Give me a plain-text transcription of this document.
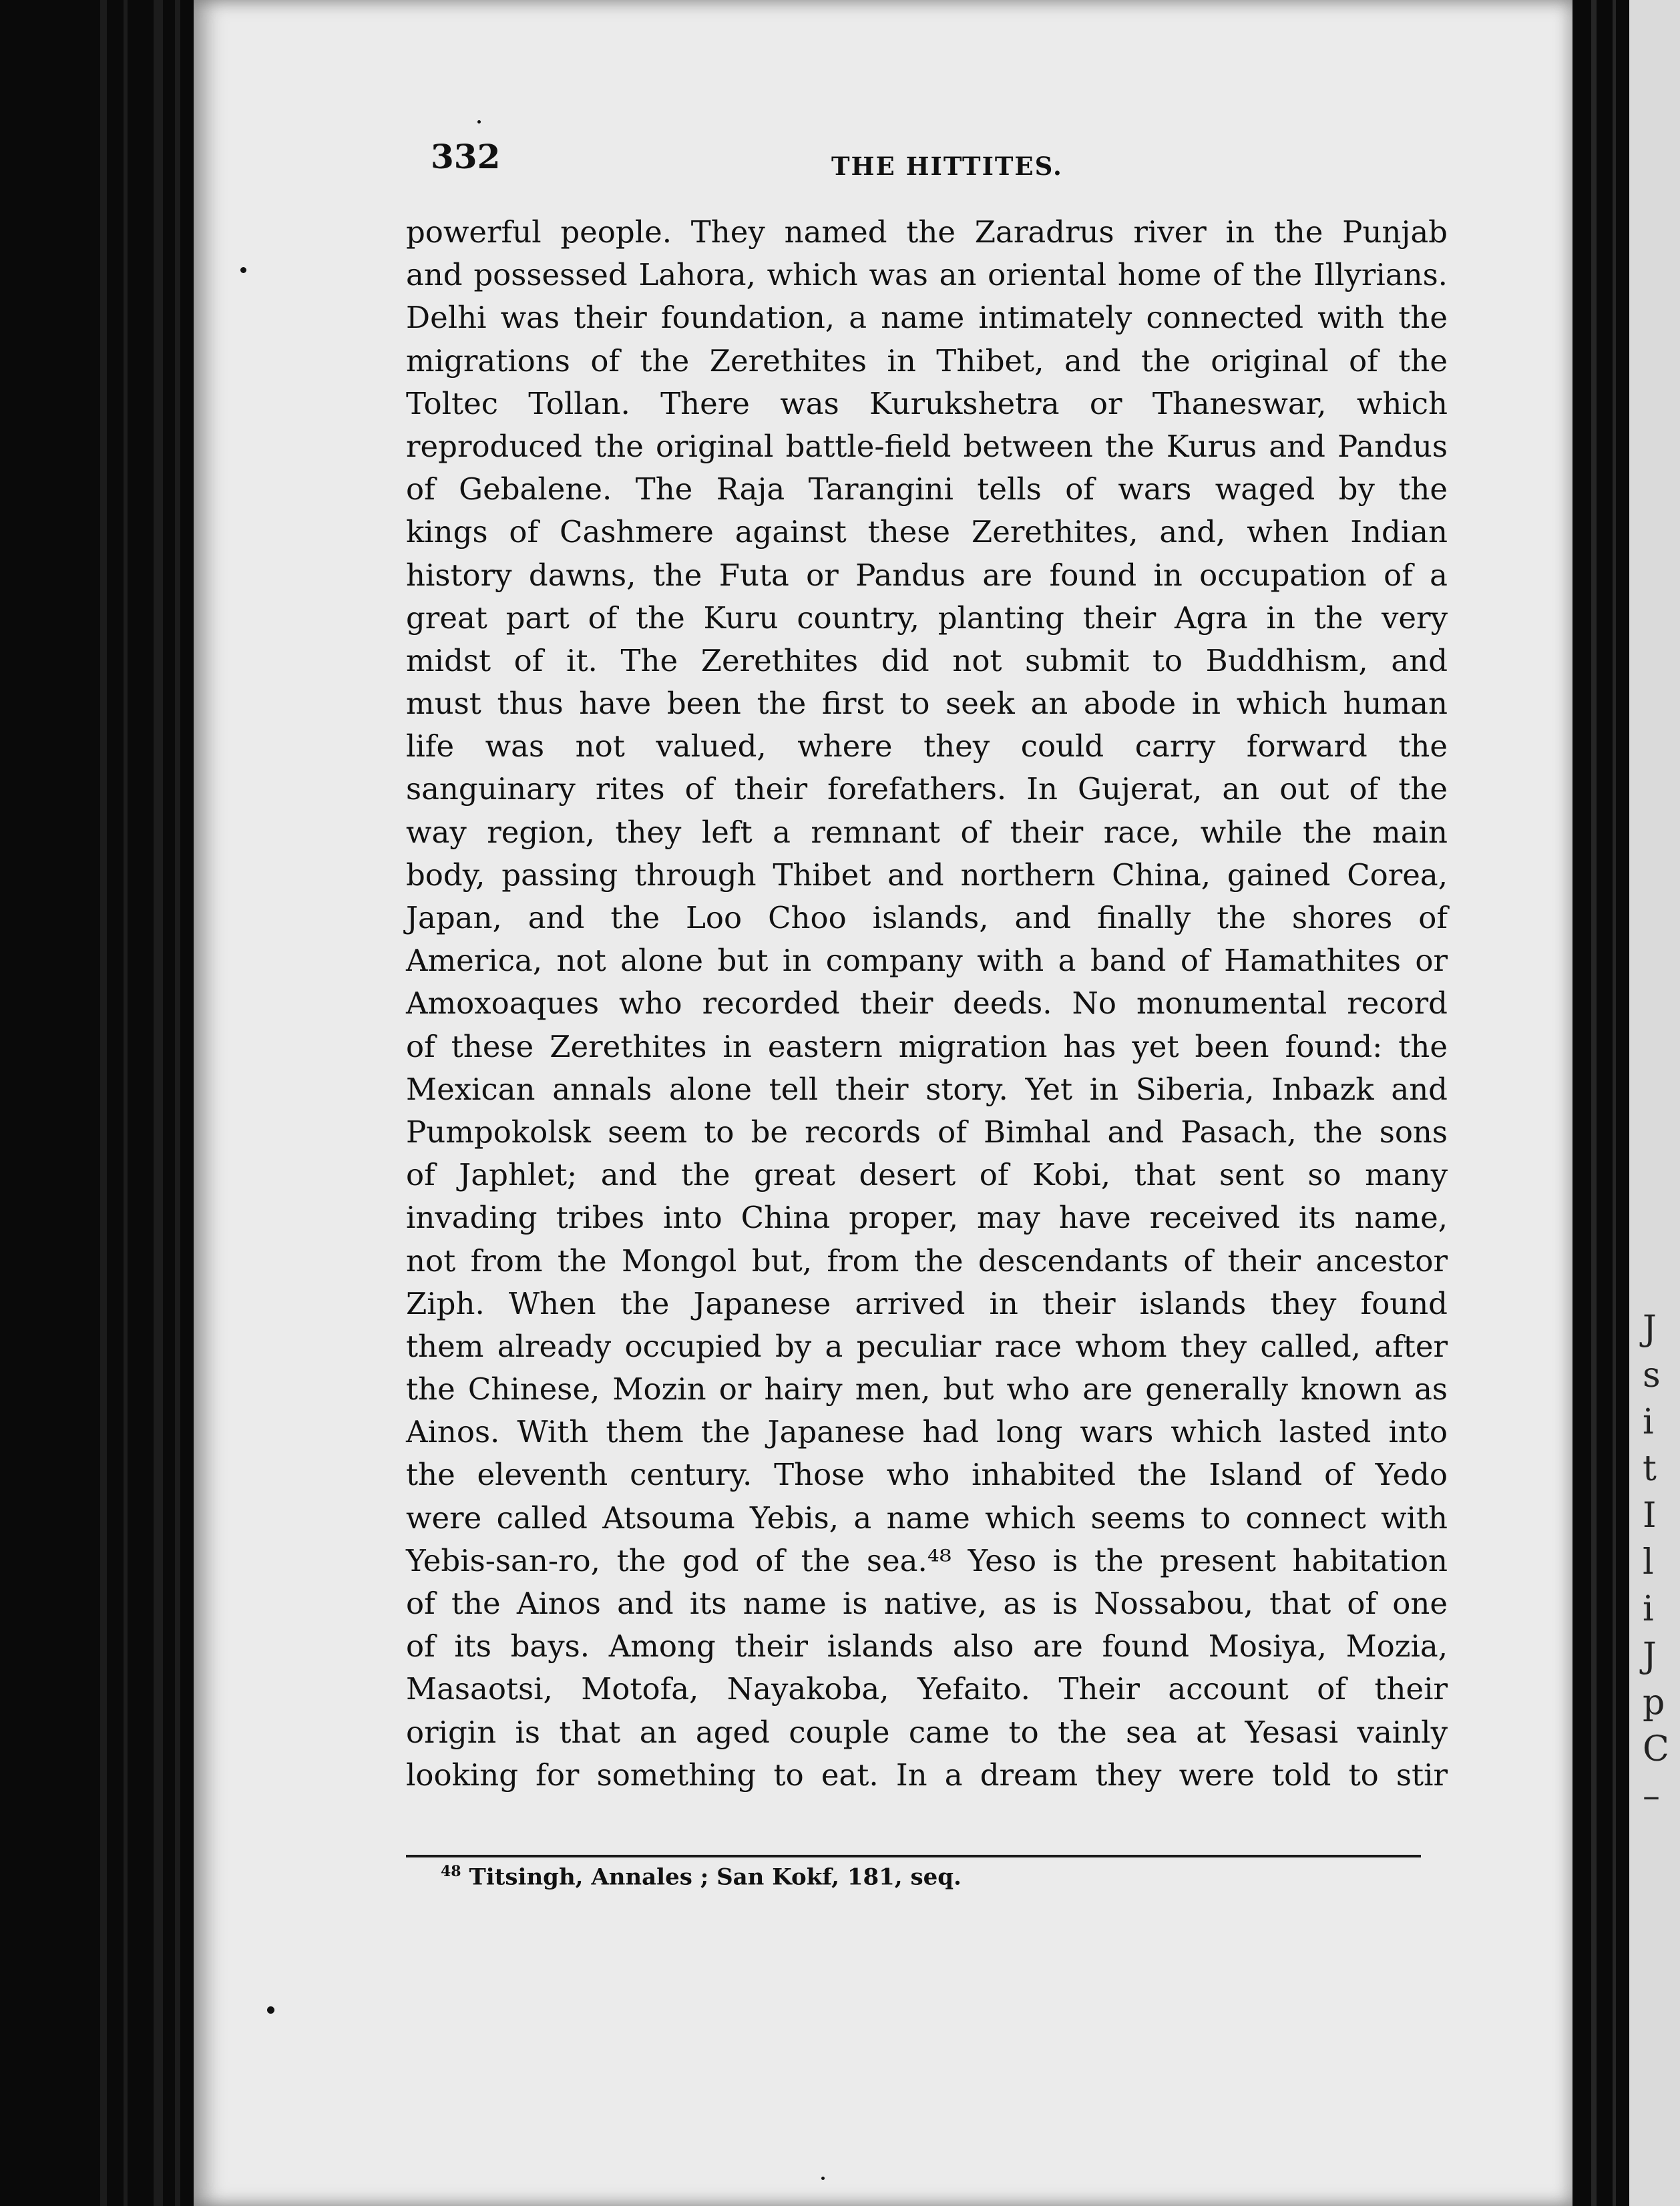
J
s
i
t
I
l
i
J
p
C
–
332	THE HITTITES.
powerful people. They named the Zaradrus river in the Punjab
and possessed Lahora, which was an oriental home of the Illyrians.
Delhi was their foundation, a name intimately connected with the
migrations of the Zerethites in Thibet, and the original of the
Toltec Tollan. There was Kurukshetra or Thaneswar, which
reproduced the original battle-field between the Kurus and Pandus
of Gebalene. The Raja Tarangini tells of wars waged by the
kings of Cashmere against these Zerethites, and, when Indian
history dawns, the Futa or Pandus are found in occupation of a
great part of the Kuru country, planting their Agra in the very
midst of it. The Zerethites did not submit to Buddhism, and
must thus have been the first to seek an abode in which human
life was not valued, where they could carry forward the
sanguinary rites of their forefathers. In Gujerat, an out of the
way region, they left a remnant of their race, while the main
body, passing through Thibet and northern China, gained Corea,
Japan, and the Loo Choo islands, and finally the shores of
America, not alone but in company with a band of Hamathites or
Amoxoaques who recorded their deeds. No monumental record
of these Zerethites in eastern migration has yet been found: the
Mexican annals alone tell their story. Yet in Siberia, Inbazk and
Pumpokolsk seem to be records of Bimhal and Pasach, the sons
of Japhlet; and the great desert of Kobi, that sent so many
invading tribes into China proper, may have received its name,
not from the Mongol but, from the descendants of their ancestor
Ziph. When the Japanese arrived in their islands they found
them already occupied by a peculiar race whom they called, after
the Chinese, Mozin or hairy men, but who are generally known as
Ainos. With them the Japanese had long wars which lasted into
the eleventh century. Those who inhabited the Island of Yedo
were called Atsouma Yebis, a name which seems to connect with
Yebis-san-ro, the god of the sea.⁴⁸ Yeso is the present habitation
of the Ainos and its name is native, as is Nossabou, that of one
of its bays. Among their islands also are found Mosiya, Mozia,
Masaotsi, Motofa, Nayakoba, Yefaito. Their account of their
origin is that an aged couple came to the sea at Yesasi vainly
looking for something to eat. In a dream they were told to stir
$^{48}$ Titsingh, Annales ; San Kokf, 181, seq.
